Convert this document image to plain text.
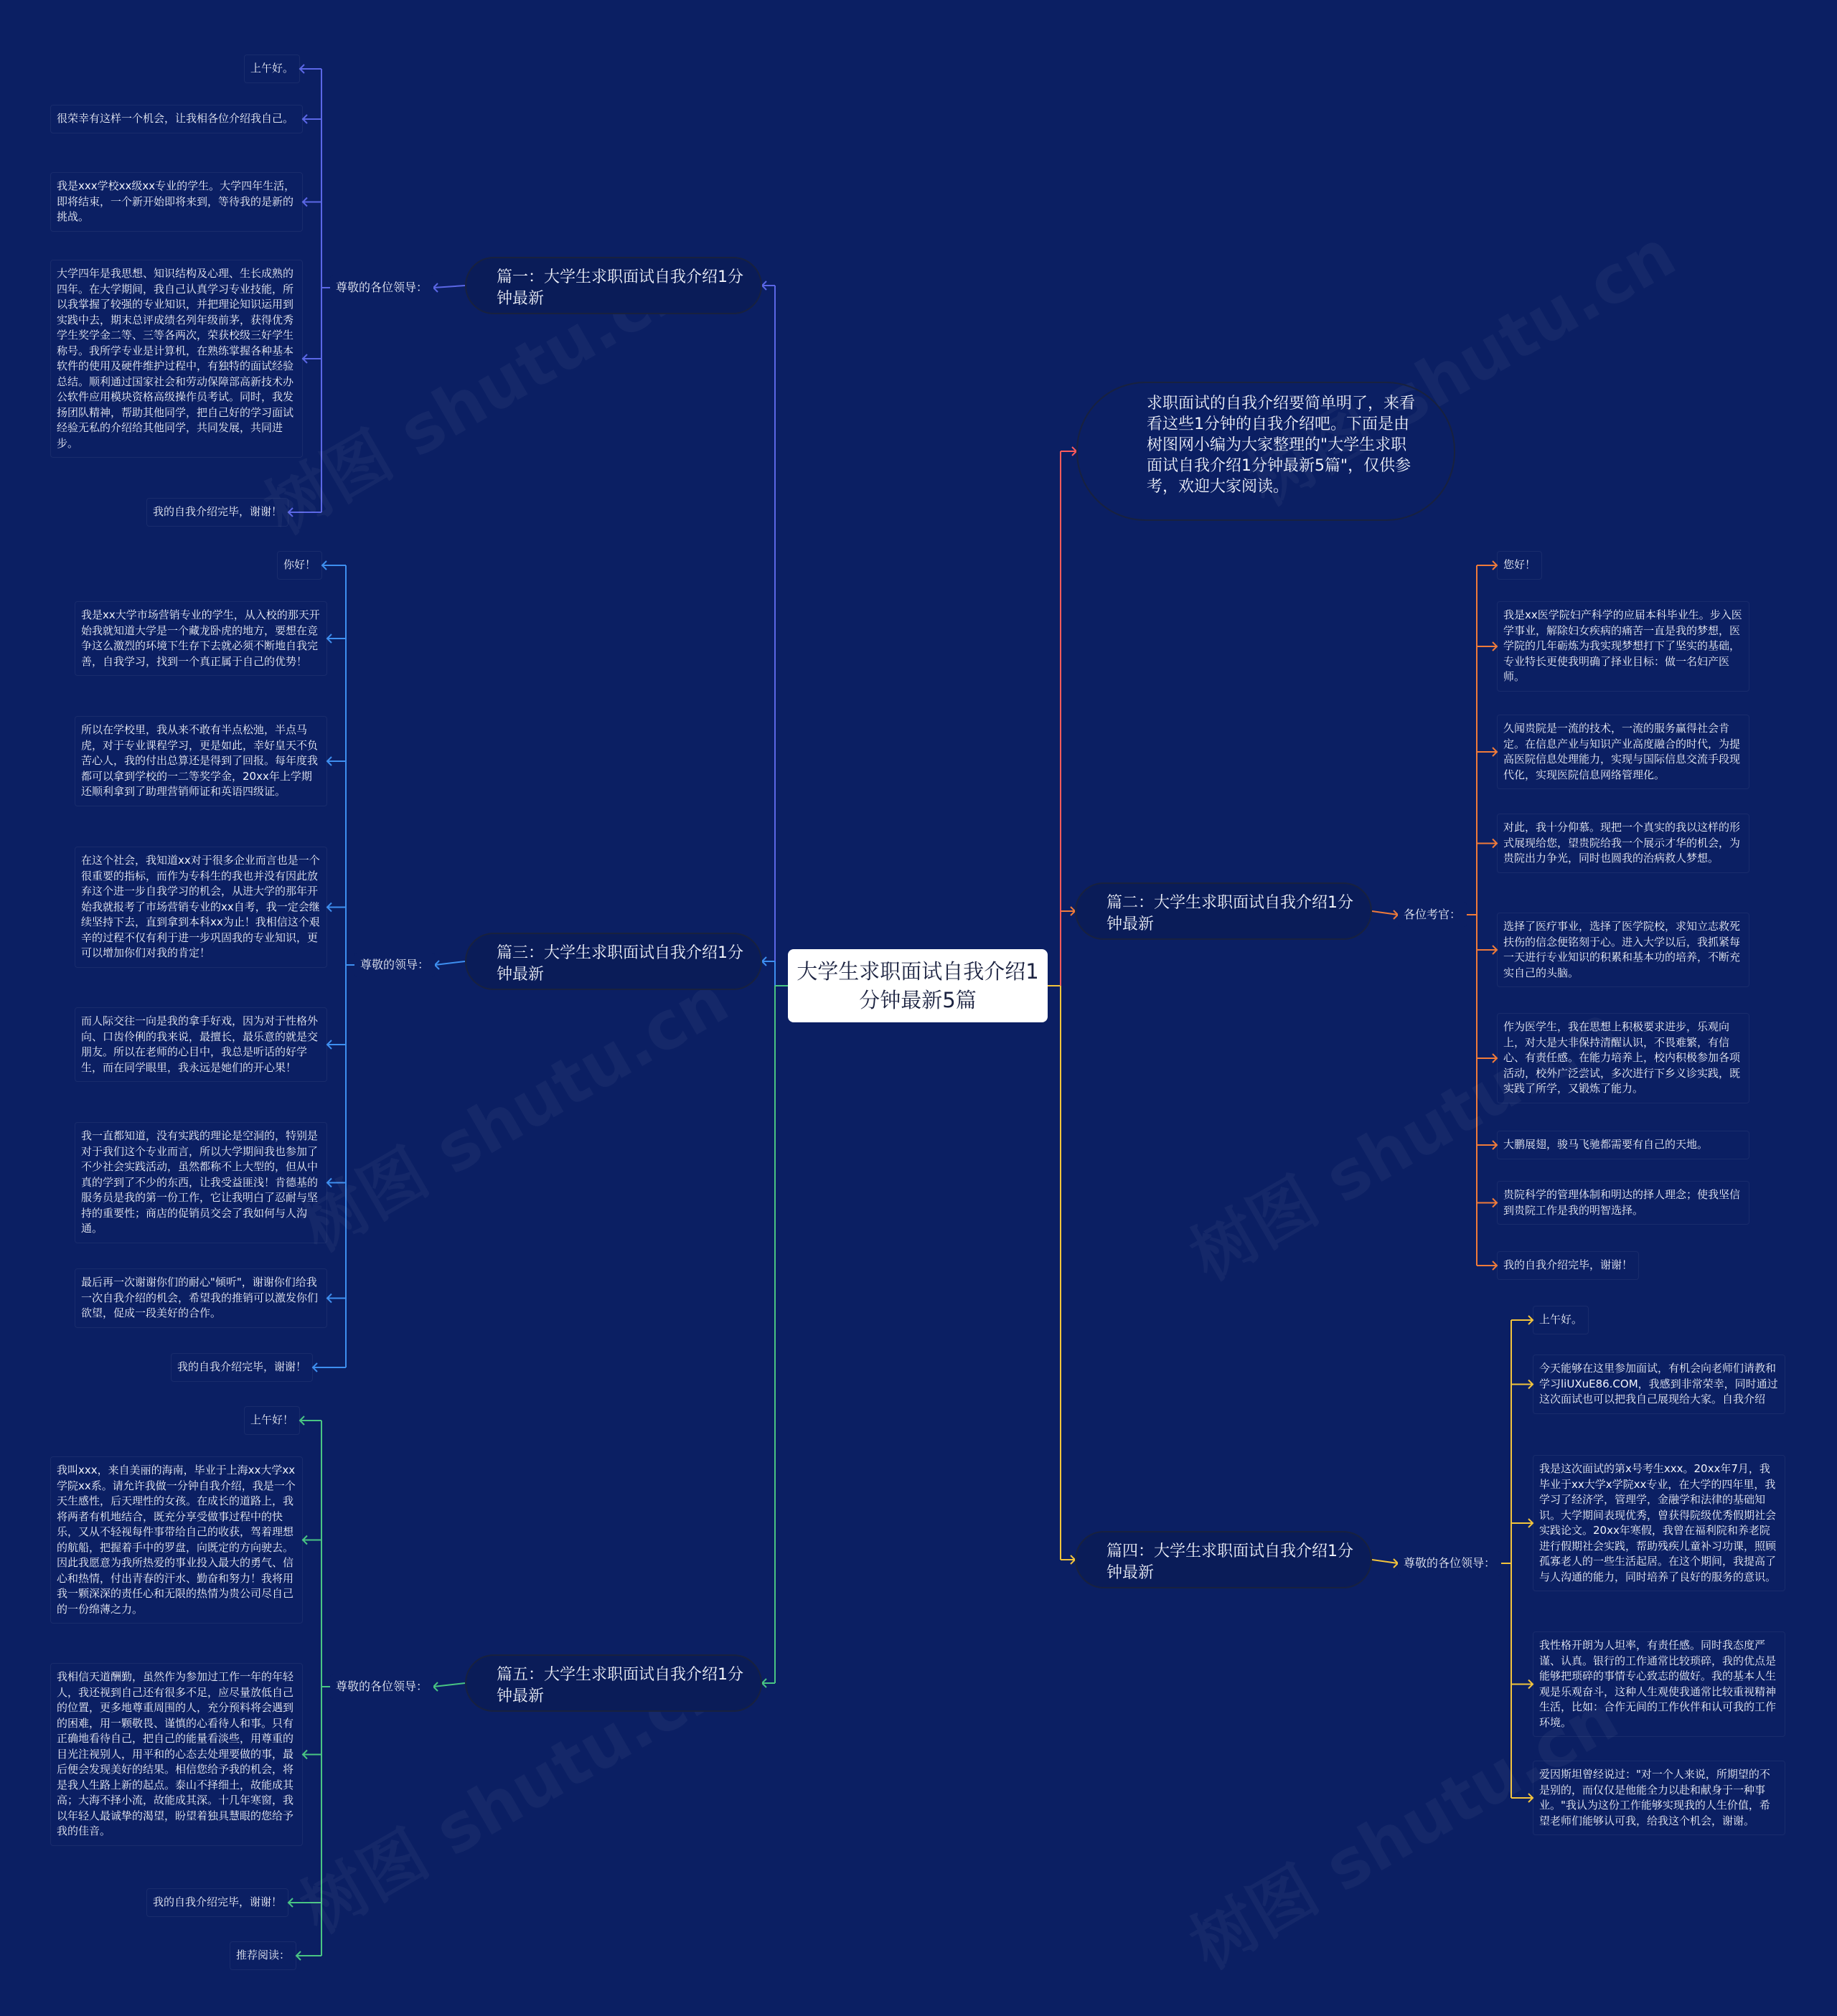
大学生求职面试自我介绍1分钟最新5篇
求职面试的自我介绍要简单明了，来看看这些1分钟的自我介绍吧。下面是由树图网小编为大家整理的"大学生求职面试自我介绍1分钟最新5篇"，仅供参考，欢迎大家阅读。
篇一：大学生求职面试自我介绍1分钟最新
尊敬的各位领导：
上午好。
很荣幸有这样一个机会，让我相各位介绍我自己。
我是xxx学校xx级xx专业的学生。大学四年生活，即将结束，一个新开始即将来到，等待我的是新的挑战。
大学四年是我思想、知识结构及心理、生长成熟的四年。在大学期间，我自己认真学习专业技能，所以我掌握了较强的专业知识，并把理论知识运用到实践中去，期末总评成绩名列年级前茅，获得优秀学生奖学金二等、三等各两次，荣获校级三好学生称号。我所学专业是计算机，在熟练掌握各种基本软件的使用及硬件维护过程中，有独特的面试经验总结。顺利通过国家社会和劳动保障部高新技术办公软件应用模块资格高级操作员考试。同时，我发扬团队精神，帮助其他同学，把自己好的学习面试经验无私的介绍给其他同学，共同发展，共同进步。
我的自我介绍完毕，谢谢！
篇三：大学生求职面试自我介绍1分钟最新
尊敬的领导：
你好！
我是xx大学市场营销专业的学生，从入校的那天开始我就知道大学是一个藏龙卧虎的地方，要想在竞争这么激烈的环境下生存下去就必须不断地自我完善，自我学习，找到一个真正属于自己的优势！
所以在学校里，我从来不敢有半点松弛，半点马虎，对于专业课程学习，更是如此，幸好皇天不负苦心人，我的付出总算还是得到了回报。每年度我都可以拿到学校的一二等奖学金，20xx年上学期还顺利拿到了助理营销师证和英语四级证。
在这个社会，我知道xx对于很多企业而言也是一个很重要的指标，而作为专科生的我也并没有因此放弃这个进一步自我学习的机会，从进大学的那年开始我就报考了市场营销专业的xx自考，我一定会继续坚持下去，直到拿到本科xx为止！我相信这个艰辛的过程不仅有利于进一步巩固我的专业知识，更可以增加你们对我的肯定！
而人际交往一向是我的拿手好戏，因为对于性格外向、口齿伶俐的我来说，最擅长，最乐意的就是交朋友。所以在老师的心目中，我总是听话的好学生，而在同学眼里，我永远是她们的开心果！
我一直都知道，没有实践的理论是空洞的，特别是对于我们这个专业而言，所以大学期间我也参加了不少社会实践活动，虽然都称不上大型的，但从中真的学到了不少的东西，让我受益匪浅！肯德基的服务员是我的第一份工作，它让我明白了忍耐与坚持的重要性；商店的促销员交会了我如何与人沟通。
最后再一次谢谢你们的耐心"倾听"，谢谢你们给我一次自我介绍的机会，希望我的推销可以激发你们欲望，促成一段美好的合作。
我的自我介绍完毕，谢谢！
篇五：大学生求职面试自我介绍1分钟最新
尊敬的各位领导：
上午好！
我叫xxx，来自美丽的海南，毕业于上海xx大学xx学院xx系。请允许我做一分钟自我介绍，我是一个天生感性，后天理性的女孩。在成长的道路上，我将两者有机地结合，既充分享受做事过程中的快乐，又从不轻视每件事带给自己的收获，驾着理想的航船，把握着手中的罗盘，向既定的方向驶去。因此我愿意为我所热爱的事业投入最大的勇气、信心和热情，付出青春的汗水、勤奋和努力！我将用我一颗深深的责任心和无限的热情为贵公司尽自己的一份绵薄之力。
我相信天道酬勤，虽然作为参加过工作一年的年轻人，我还视到自己还有很多不足，应尽量放低自己的位置，更多地尊重周围的人，充分预料将会遇到的困难，用一颗敬畏、谨慎的心看待人和事。只有正确地看待自己，把自己的能量看淡些，用尊重的目光注视别人，用平和的心态去处理要做的事，最后便会发现美好的结果。相信您给予我的机会，将是我人生路上新的起点。泰山不择细土，故能成其高；大海不择小流，故能成其深。十几年寒窗，我以年轻人最诚挚的渴望，盼望着独具慧眼的您给予我的佳音。
我的自我介绍完毕，谢谢！
推荐阅读：
篇二：大学生求职面试自我介绍1分钟最新
各位考官：
您好！
我是xx医学院妇产科学的应届本科毕业生。步入医学事业，解除妇女疾病的痛苦一直是我的梦想，医学院的几年砺炼为我实现梦想打下了坚实的基础，专业特长更使我明确了择业目标：做一名妇产医师。
久闻贵院是一流的技术，一流的服务赢得社会肯定。在信息产业与知识产业高度融合的时代，为提高医院信息处理能力，实现与国际信息交流手段现代化，实现医院信息网络管理化。
对此，我十分仰慕。现把一个真实的我以这样的形式展现给您，望贵院给我一个展示才华的机会，为贵院出力争光，同时也圆我的治病救人梦想。
选择了医疗事业，选择了医学院校，求知立志救死扶伤的信念便铭刻于心。进入大学以后，我抓紧每一天进行专业知识的积累和基本功的培养，不断充实自己的头脑。
作为医学生，我在思想上积极要求进步，乐观向上，对大是大非保持清醒认识，不畏难繁，有信心、有责任感。在能力培养上，校内积极参加各项活动，校外广泛尝试，多次进行下乡义诊实践，既实践了所学，又锻炼了能力。
大鹏展翅，骏马飞驰都需要有自己的天地。
贵院科学的管理体制和明达的择人理念；使我坚信到贵院工作是我的明智选择。
我的自我介绍完毕，谢谢！
篇四：大学生求职面试自我介绍1分钟最新
尊敬的各位领导：
上午好。
今天能够在这里参加面试，有机会向老师们请教和学习liUXuE86.COM，我感到非常荣幸，同时通过这次面试也可以把我自己展现给大家。自我介绍
我是这次面试的第x号考生xxx。20xx年7月，我毕业于xx大学x学院xx专业，在大学的四年里，我学习了经济学，管理学，金融学和法律的基础知识。大学期间表现优秀，曾获得院级优秀假期社会实践论文。20xx年寒假，我曾在福利院和养老院进行假期社会实践，帮助残疾儿童补习功课，照顾孤寡老人的一些生活起居。在这个期间，我提高了与人沟通的能力，同时培养了良好的服务的意识。
我性格开朗为人坦率，有责任感。同时我态度严谨、认真。银行的工作通常比较琐碎，我的优点是能够把琐碎的事情专心致志的做好。我的基本人生观是乐观奋斗，这种人生观使我通常比较重视精神生活，比如：合作无间的工作伙伴和认可我的工作环境。
爱因斯坦曾经说过："对一个人来说，所期望的不是别的，而仅仅是他能全力以赴和献身于一种事业。"我认为这份工作能够实现我的人生价值，希望老师们能够认可我，给我这个机会，谢谢。
